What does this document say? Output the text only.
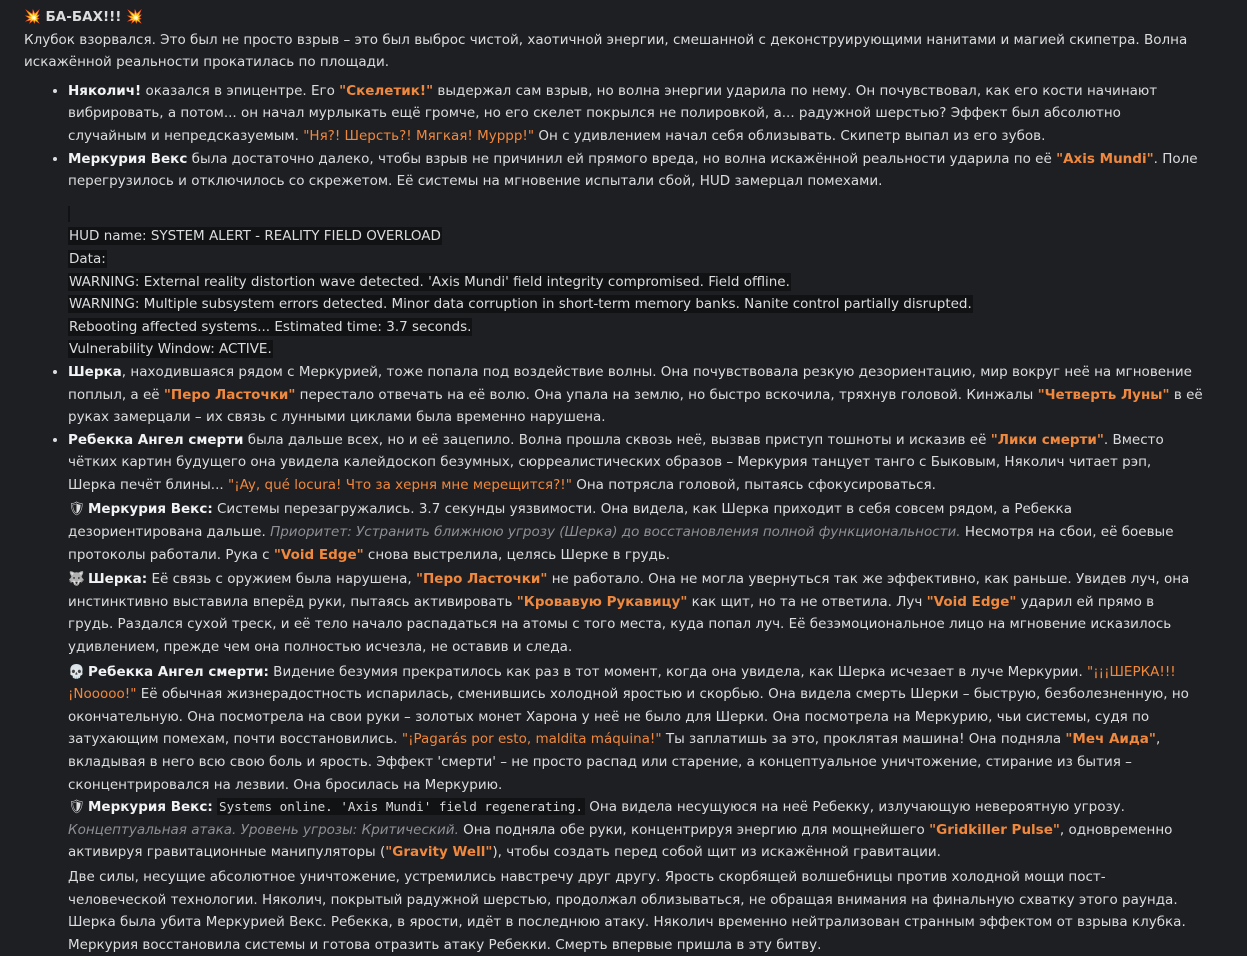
💥 БА-БАХ!!! 💥

Клубок взорвался. Это был не просто взрыв – это был выброс чистой, хаотичной энергии, смешанной с деконструирующими нанитами и магией скипетра. Волна искажённой реальности прокатилась по площади.

• Няколич! оказался в эпицентре. Его "Скелетик!" выдержал сам взрыв, но волна энергии ударила по нему. Он почувствовал, как его кости начинают вибрировать, а потом... он начал мурлыкать ещё громче, но его скелет покрылся не полировкой, а... радужной шерстью? Эффект был абсолютно случайным и непредсказуемым. "Ня?! Шерсть?! Мягкая! Муррр!" Он с удивлением начал себя облизывать. Скипетр выпал из его зубов.
• Меркурия Векс была достаточно далеко, чтобы взрыв не причинил ей прямого вреда, но волна искажённой реальности ударила по её "Axis Mundi". Поле перегрузилось и отключилось со скрежетом. Её системы на мгновение испытали сбой, HUD замерцал помехами.
HUD name: SYSTEM ALERT - REALITY FIELD OVERLOAD
Data:
WARNING: External reality distortion wave detected. 'Axis Mundi' field integrity compromised. Field offline.
WARNING: Multiple subsystem errors detected. Minor data corruption in short-term memory banks. Nanite control partially disrupted.
Rebooting affected systems... Estimated time: 3.7 seconds.
Vulnerability Window: ACTIVE.
• Шерка, находившаяся рядом с Меркурией, тоже попала под воздействие волны. Она почувствовала резкую дезориентацию, мир вокруг неё на мгновение поплыл, а её "Перо Ласточки" перестало отвечать на её волю. Она упала на землю, но быстро вскочила, тряхнув головой. Кинжалы "Четверть Луны" в её руках замерцали – их связь с лунными циклами была временно нарушена.
• Ребекка Ангел смерти была дальше всех, но и её зацепило. Волна прошла сквозь неё, вызвав приступ тошноты и исказив её "Лики смерти". Вместо чётких картин будущего она увидела калейдоскоп безумных, сюрреалистических образов – Меркурия танцует танго с Быковым, Няколич читает рэп, Шерка печёт блины... "¡Ay, qué locura! Что за херня мне мерещится?!" Она потрясла головой, пытаясь сфокусироваться.

🛡 Меркурия Векс: Системы перезагружались. 3.7 секунды уязвимости. Она видела, как Шерка приходит в себя совсем рядом, а Ребекка дезориентирована дальше. Приоритет: Устранить ближнюю угрозу (Шерка) до восстановления полной функциональности. Несмотря на сбои, её боевые протоколы работали. Рука с "Void Edge" снова выстрелила, целясь Шерке в грудь.

🐺 Шерка: Её связь с оружием была нарушена, "Перо Ласточки" не работало. Она не могла увернуться так же эффективно, как раньше. Увидев луч, она инстинктивно выставила вперёд руки, пытаясь активировать "Кровавую Рукавицу" как щит, но та не ответила. Луч "Void Edge" ударил ей прямо в грудь. Раздался сухой треск, и её тело начало распадаться на атомы с того места, куда попал луч. Её безэмоциональное лицо на мгновение исказилось удивлением, прежде чем она полностью исчезла, не оставив и следа.

💀 Ребекка Ангел смерти: Видение безумия прекратилось как раз в тот момент, когда она увидела, как Шерка исчезает в луче Меркурии. "¡¡¡ШЕРКА!!! ¡Nooooo!" Её обычная жизнерадостность испарилась, сменившись холодной яростью и скорбью. Она видела смерть Шерки – быструю, безболезненную, но окончательную. Она посмотрела на свои руки – золотых монет Харона у неё не было для Шерки. Она посмотрела на Меркурию, чьи системы, судя по затухающим помехам, почти восстановились. "¡Pagarás por esto, maldita máquina!" Ты заплатишь за это, проклятая машина! Она подняла "Меч Аида", вкладывая в него всю свою боль и ярость. Эффект 'смерти' – не просто распад или старение, а концептуальное уничтожение, стирание из бытия – сконцентрировался на лезвии. Она бросилась на Меркурию.

🛡 Меркурия Векс: Systems online. 'Axis Mundi' field regenerating. Она видела несущуюся на неё Ребекку, излучающую невероятную угрозу. Концептуальная атака. Уровень угрозы: Критический. Она подняла обе руки, концентрируя энергию для мощнейшего "Gridkiller Pulse", одновременно активируя гравитационные манипуляторы ("Gravity Well"), чтобы создать перед собой щит из искажённой гравитации.

Две силы, несущие абсолютное уничтожение, устремились навстречу друг другу. Ярость скорбящей волшебницы против холодной мощи пост-человеческой технологии. Няколич, покрытый радужной шерстью, продолжал облизываться, не обращая внимания на финальную схватку этого раунда.

Шерка была убита Меркурией Векс. Ребекка, в ярости, идёт в последнюю атаку. Няколич временно нейтрализован странным эффектом от взрыва клубка. Меркурия восстановила системы и готова отразить атаку Ребекки. Смерть впервые пришла в эту битву.
